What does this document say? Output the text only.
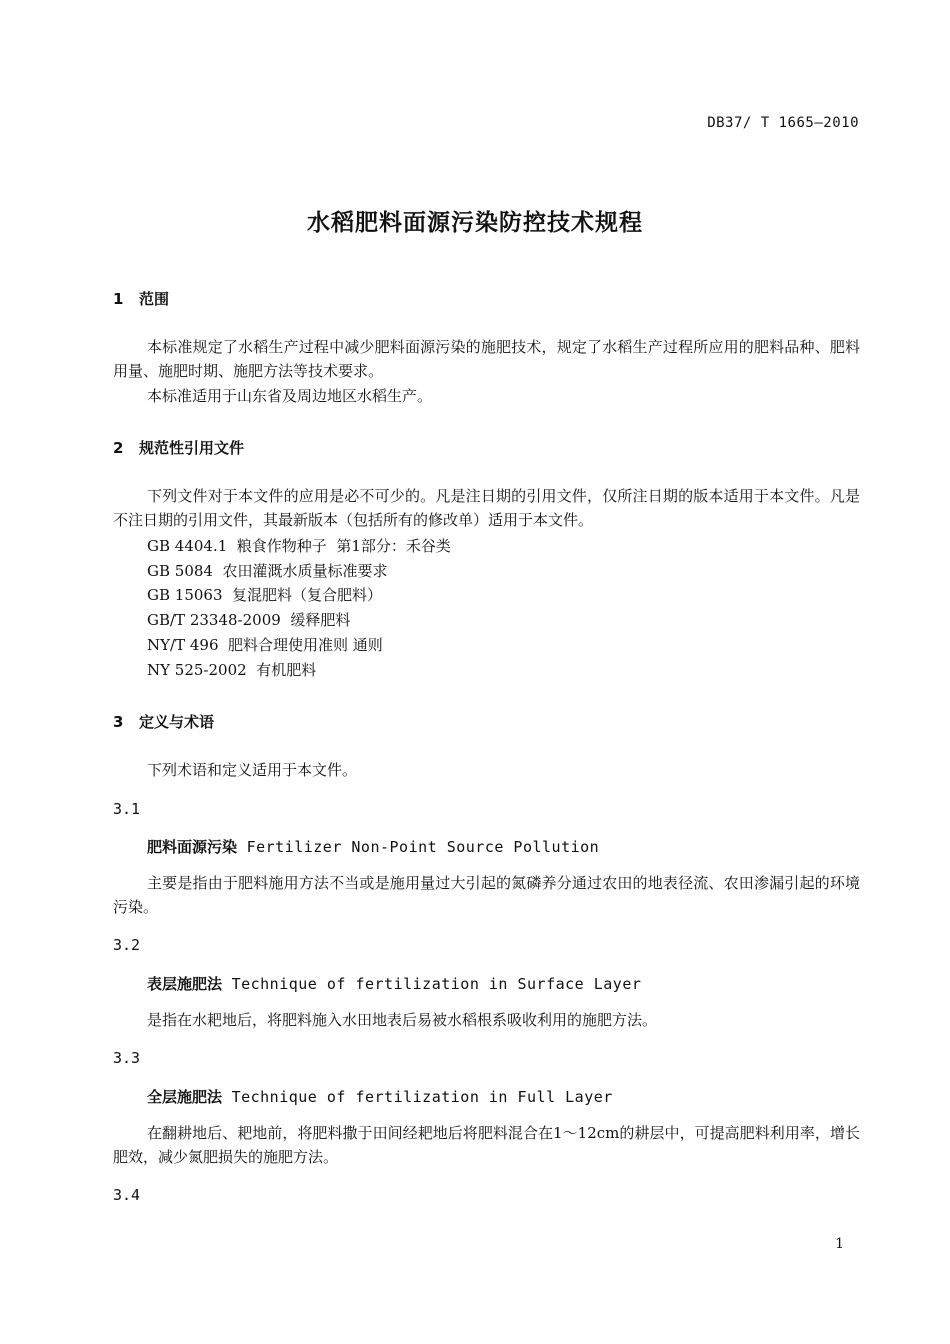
DB37/ T 1665—2010
水稻肥料面源污染防控技术规程
1 范围
本标准规定了水稻生产过程中减少肥料面源污染的施肥技术，规定了水稻生产过程所应用的肥料品种、肥料用量、施肥时期、施肥方法等技术要求。
本标准适用于山东省及周边地区水稻生产。
2 规范性引用文件
下列文件对于本文件的应用是必不可少的。凡是注日期的引用文件，仅所注日期的版本适用于本文件。凡是不注日期的引用文件，其最新版本（包括所有的修改单）适用于本文件。
GB 4404.1  粮食作物种子  第1部分：禾谷类
GB 5084  农田灌溉水质量标准要求
GB 15063  复混肥料（复合肥料）
GB/T 23348-2009  缓释肥料
NY/T 496  肥料合理使用准则 通则
NY 525-2002  有机肥料
3 定义与术语
下列术语和定义适用于本文件。
3.1
肥料面源污染 Fertilizer Non-Point Source Pollution
主要是指由于肥料施用方法不当或是施用量过大引起的氮磷养分通过农田的地表径流、农田渗漏引起的环境污染。
3.2
表层施肥法 Technique of fertilization in Surface Layer
是指在水耙地后，将肥料施入水田地表后易被水稻根系吸收利用的施肥方法。
3.3
全层施肥法 Technique of fertilization in Full Layer
在翻耕地后、耙地前，将肥料撒于田间经耙地后将肥料混合在1～12cm的耕层中，可提高肥料利用率，增长肥效，减少氮肥损失的施肥方法。
3.4
1
